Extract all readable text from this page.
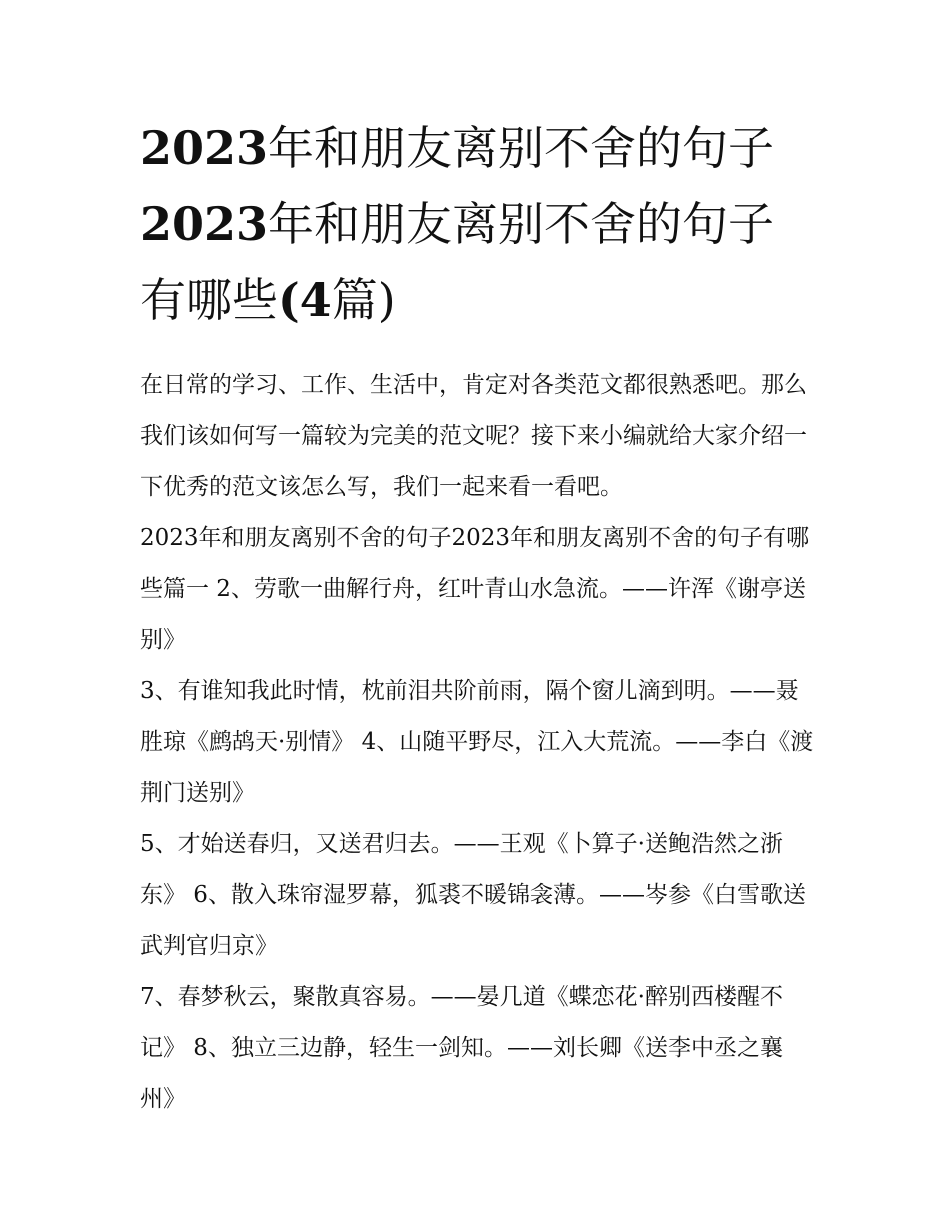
2023年和朋友离别不舍的句子
2023年和朋友离别不舍的句子
有哪些(4篇)

在日常的学习、工作、生活中，肯定对各类范文都很熟悉吧。那么我们该如何写一篇较为完美的范文呢？接下来小编就给大家介绍一下优秀的范文该怎么写，我们一起来看一看吧。

2023年和朋友离别不舍的句子2023年和朋友离别不舍的句子有哪些篇一 2、劳歌一曲解行舟，红叶青山水急流。——许浑《谢亭送别》

3、有谁知我此时情，枕前泪共阶前雨，隔个窗儿滴到明。——聂胜琼《鹧鸪天·别情》 4、山随平野尽，江入大荒流。——李白《渡荆门送别》

5、才始送春归，又送君归去。——王观《卜算子·送鲍浩然之浙东》 6、散入珠帘湿罗幕，狐裘不暖锦衾薄。——岑参《白雪歌送武判官归京》

7、春梦秋云，聚散真容易。——晏几道《蝶恋花·醉别西楼醒不记》 8、独立三边静，轻生一剑知。——刘长卿《送李中丞之襄州》
